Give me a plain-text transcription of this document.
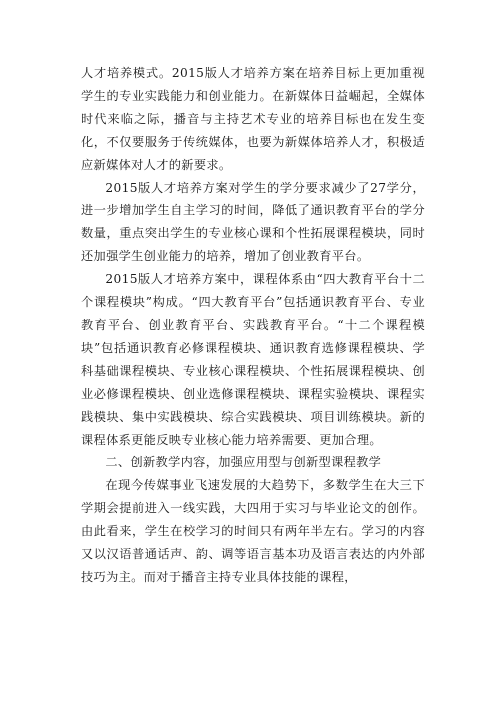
人才培养模式。2015版人才培养方案在培养目标上更加重视学生的专业实践能力和创业能力。在新媒体日益崛起，全媒体时代来临之际，播音与主持艺术专业的培养目标也在发生变化，不仅要服务于传统媒体，也要为新媒体培养人才，积极适应新媒体对人才的新要求。

2015版人才培养方案对学生的学分要求减少了27学分，进一步增加学生自主学习的时间，降低了通识教育平台的学分数量，重点突出学生的专业核心课和个性拓展课程模块，同时还加强学生创业能力的培养，增加了创业教育平台。

2015版人才培养方案中，课程体系由“四大教育平台十二个课程模块”构成。“四大教育平台”包括通识教育平台、专业教育平台、创业教育平台、实践教育平台。“十二个课程模块”包括通识教育必修课程模块、通识教育选修课程模块、学科基础课程模块、专业核心课程模块、个性拓展课程模块、创业必修课程模块、创业选修课程模块、课程实验模块、课程实践模块、集中实践模块、综合实践模块、项目训练模块。新的课程体系更能反映专业核心能力培养需要、更加合理。

二、创新教学内容，加强应用型与创新型课程教学

在现今传媒事业飞速发展的大趋势下，多数学生在大三下学期会提前进入一线实践，大四用于实习与毕业论文的创作。由此看来，学生在校学习的时间只有两年半左右。学习的内容又以汉语普通话声、韵、调等语言基本功及语言表达的内外部技巧为主。而对于播音主持专业具体技能的课程，
